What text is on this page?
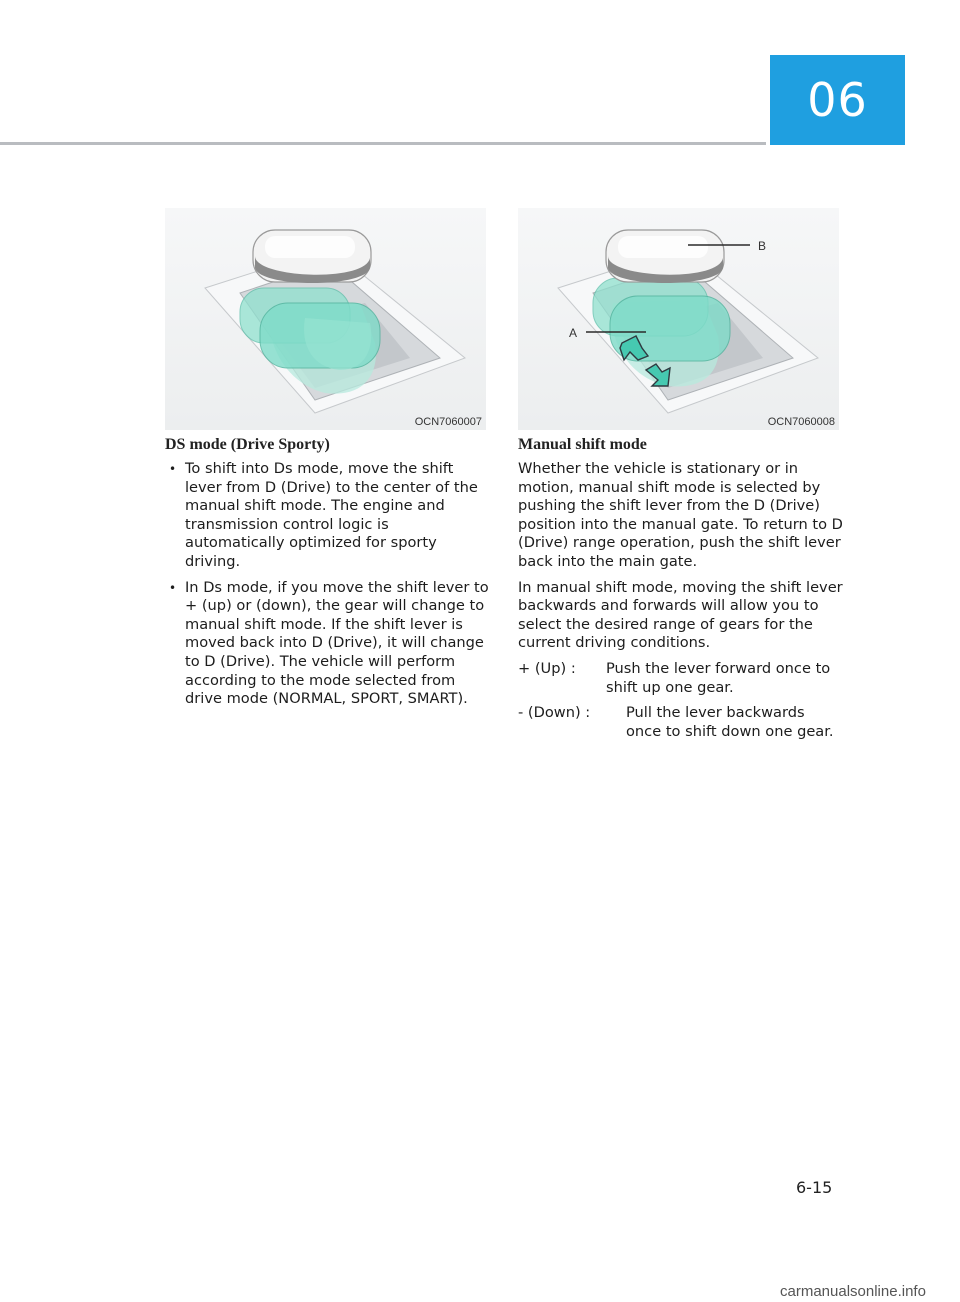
06
OCN7060007
B
A
OCN7060008
DS mode (Drive Sporty)
• To shift into Ds mode, move the shift lever from D (Drive) to the center of the manual shift mode. The engine and transmission control logic is automatically optimized for sporty driving.
• In Ds mode, if you move the shift lever to + (up) or (down), the gear will change to manual shift mode. If the shift lever is moved back into D (Drive), it will change to D (Drive). The vehicle will perform according to the mode selected from drive mode (NORMAL, SPORT, SMART).
Manual shift mode

Whether the vehicle is stationary or in motion, manual shift mode is selected by pushing the shift lever from the D (Drive) position into the manual gate. To return to D (Drive) range operation, push the shift lever back into the main gate.

In manual shift mode, moving the shift lever backwards and forwards will allow you to select the desired range of gears for the current driving conditions.

+ (Up) :	Push the lever forward once to shift up one gear.
- (Down) :	Pull the lever backwards once to shift down one gear.
6-15
carmanualsonline.info
